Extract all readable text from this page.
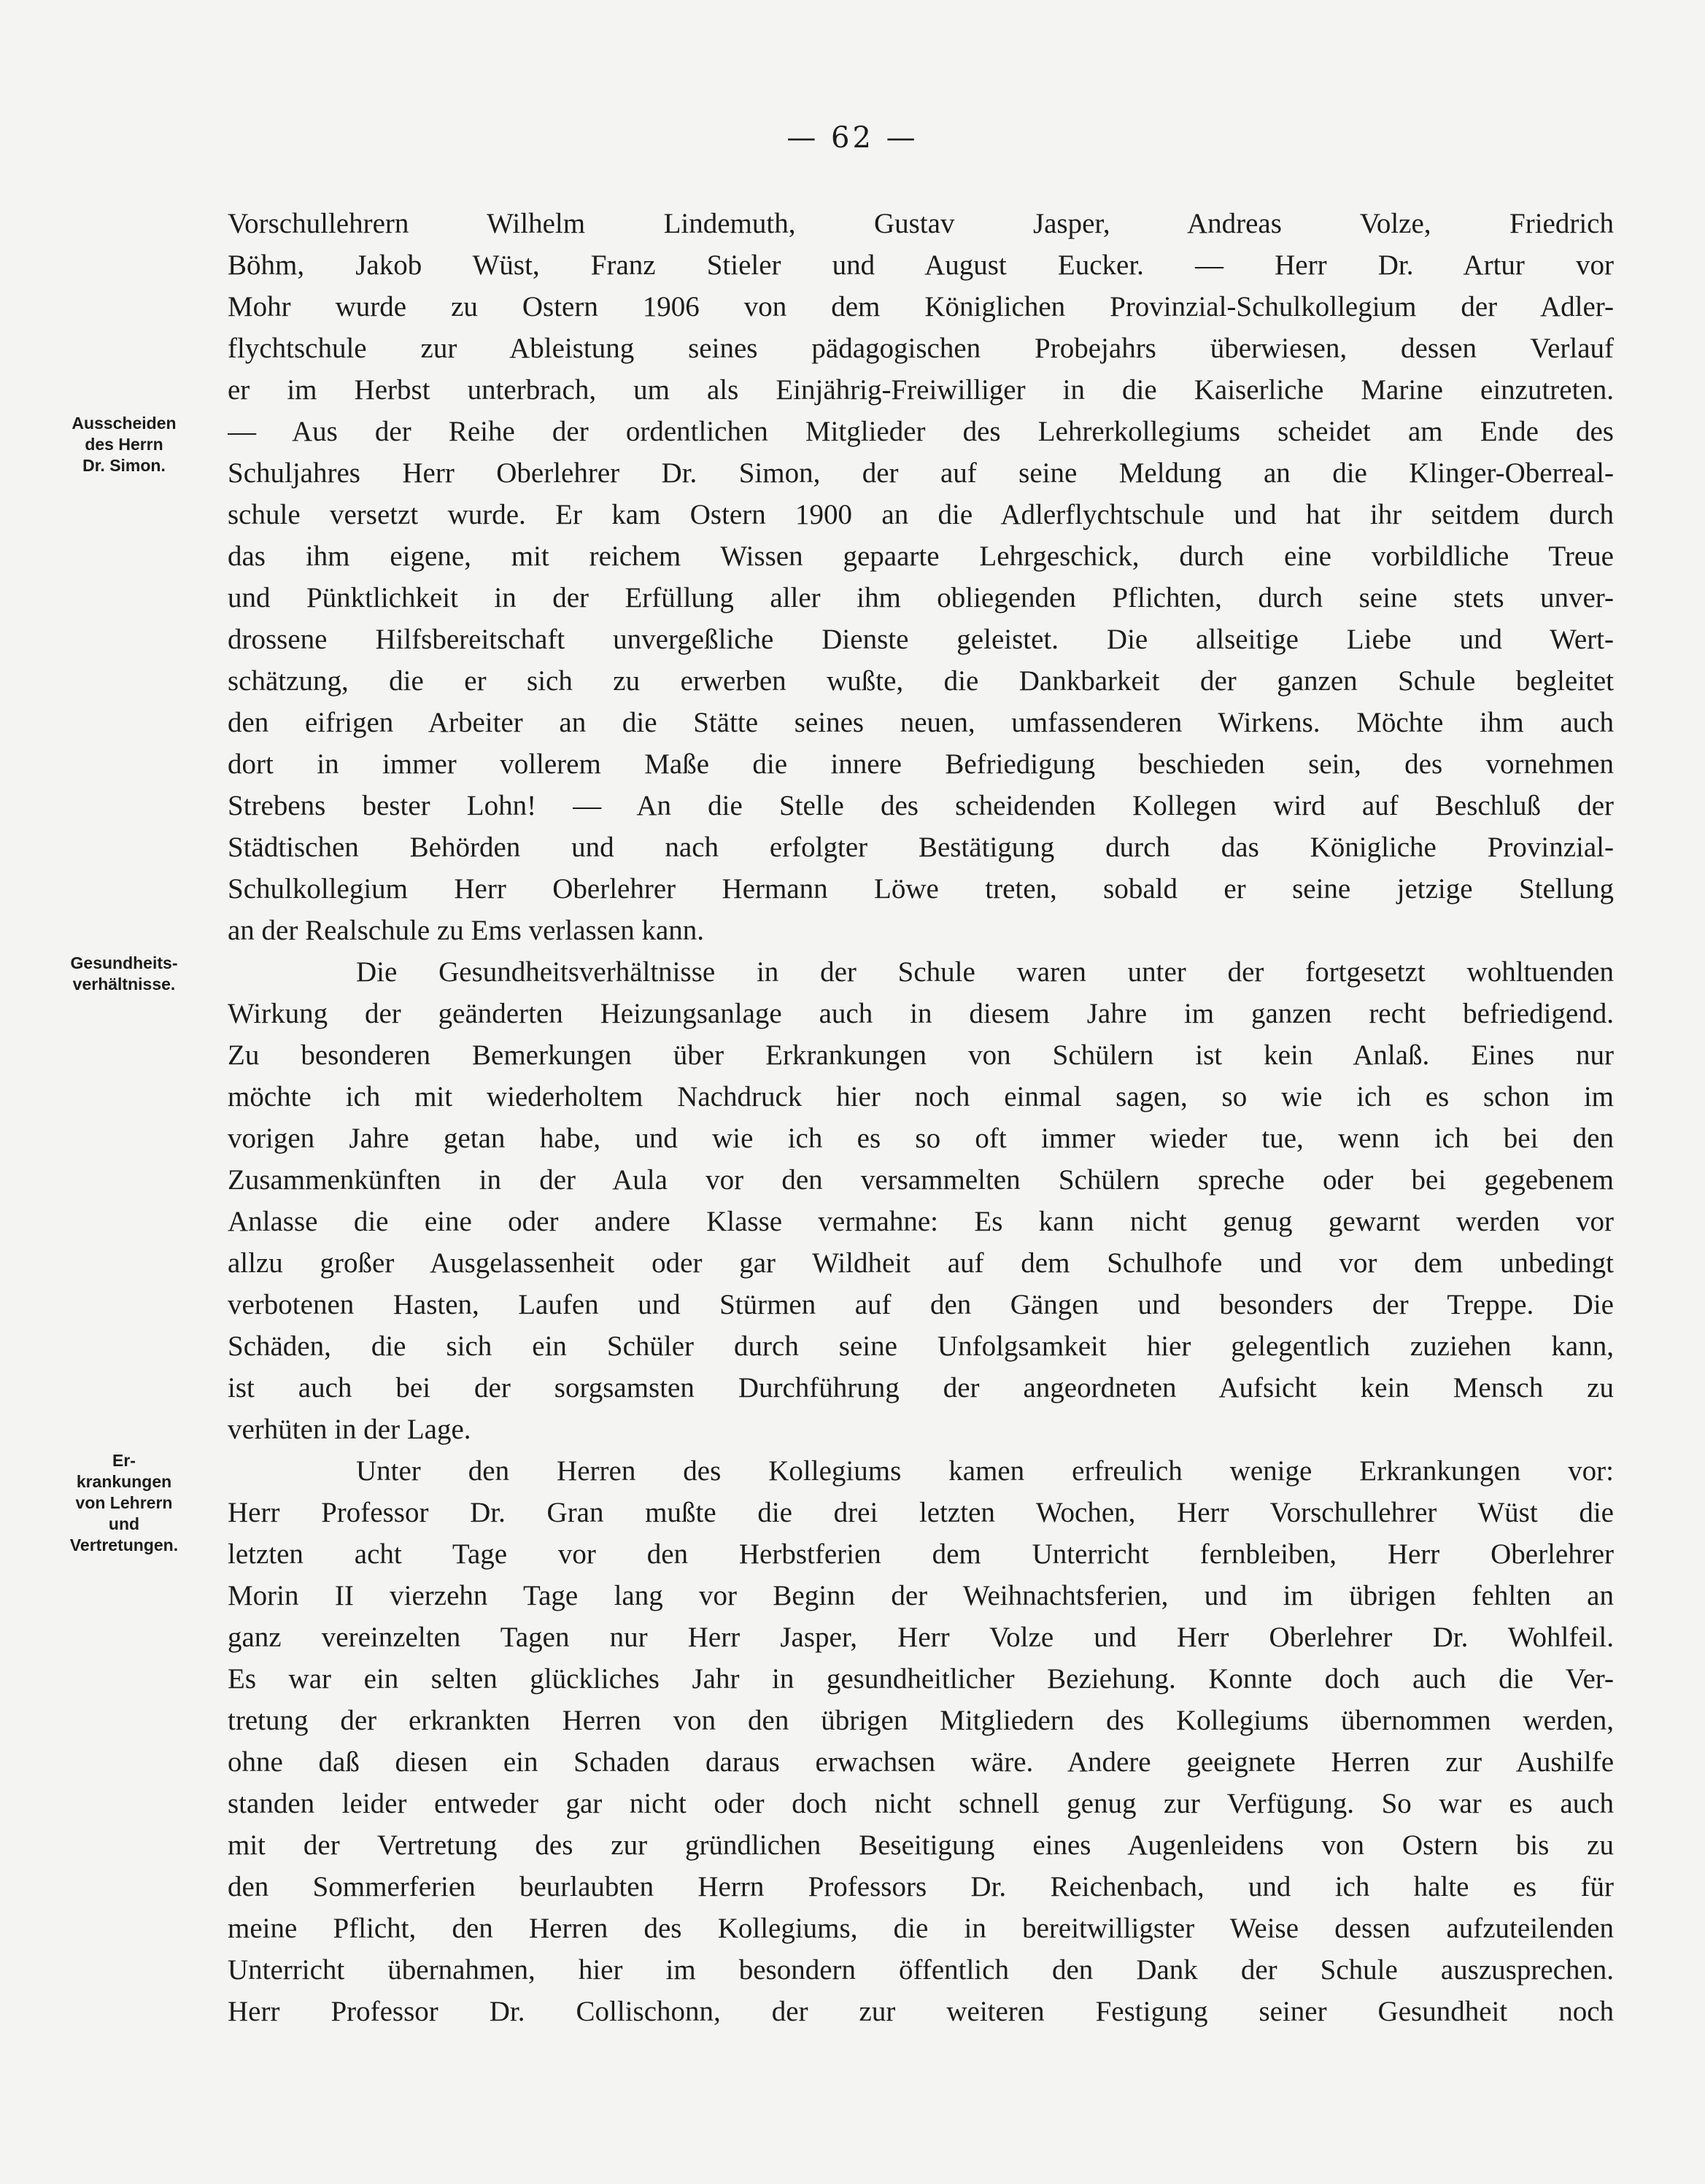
— 62 —
Ausscheiden
des Herrn
Dr. Simon.
Gesundheits-
verhältnisse.
Er-
krankungen
von Lehrern
und
Vertretungen.
Vorschullehrern Wilhelm Lindemuth, Gustav Jasper, Andreas Volze, Friedrich
Böhm, Jakob Wüst, Franz Stieler und August Eucker. — Herr Dr. Artur vor
Mohr wurde zu Ostern 1906 von dem Königlichen Provinzial-Schulkollegium der Adler-
flychtschule zur Ableistung seines pädagogischen Probejahrs überwiesen, dessen Verlauf
er im Herbst unterbrach, um als Einjährig-Freiwilliger in die Kaiserliche Marine einzutreten.
— Aus der Reihe der ordentlichen Mitglieder des Lehrerkollegiums scheidet am Ende des
Schuljahres Herr Oberlehrer Dr. Simon, der auf seine Meldung an die Klinger-Oberreal-
schule versetzt wurde. Er kam Ostern 1900 an die Adlerflychtschule und hat ihr seitdem durch
das ihm eigene, mit reichem Wissen gepaarte Lehrgeschick, durch eine vorbildliche Treue
und Pünktlichkeit in der Erfüllung aller ihm obliegenden Pflichten, durch seine stets unver-
drossene Hilfsbereitschaft unvergeßliche Dienste geleistet. Die allseitige Liebe und Wert-
schätzung, die er sich zu erwerben wußte, die Dankbarkeit der ganzen Schule begleitet
den eifrigen Arbeiter an die Stätte seines neuen, umfassenderen Wirkens. Möchte ihm auch
dort in immer vollerem Maße die innere Befriedigung beschieden sein, des vornehmen
Strebens bester Lohn! — An die Stelle des scheidenden Kollegen wird auf Beschluß der
Städtischen Behörden und nach erfolgter Bestätigung durch das Königliche Provinzial-
Schulkollegium Herr Oberlehrer Hermann Löwe treten, sobald er seine jetzige Stellung
an der Realschule zu Ems verlassen kann.
Die Gesundheitsverhältnisse in der Schule waren unter der fortgesetzt wohltuenden
Wirkung der geänderten Heizungsanlage auch in diesem Jahre im ganzen recht befriedigend.
Zu besonderen Bemerkungen über Erkrankungen von Schülern ist kein Anlaß. Eines nur
möchte ich mit wiederholtem Nachdruck hier noch einmal sagen, so wie ich es schon im
vorigen Jahre getan habe, und wie ich es so oft immer wieder tue, wenn ich bei den
Zusammenkünften in der Aula vor den versammelten Schülern spreche oder bei gegebenem
Anlasse die eine oder andere Klasse vermahne: Es kann nicht genug gewarnt werden vor
allzu großer Ausgelassenheit oder gar Wildheit auf dem Schulhofe und vor dem unbedingt
verbotenen Hasten, Laufen und Stürmen auf den Gängen und besonders der Treppe. Die
Schäden, die sich ein Schüler durch seine Unfolgsamkeit hier gelegentlich zuziehen kann,
ist auch bei der sorgsamsten Durchführung der angeordneten Aufsicht kein Mensch zu
verhüten in der Lage.
Unter den Herren des Kollegiums kamen erfreulich wenige Erkrankungen vor:
Herr Professor Dr. Gran mußte die drei letzten Wochen, Herr Vorschullehrer Wüst die
letzten acht Tage vor den Herbstferien dem Unterricht fernbleiben, Herr Oberlehrer
Morin II vierzehn Tage lang vor Beginn der Weihnachtsferien, und im übrigen fehlten an
ganz vereinzelten Tagen nur Herr Jasper, Herr Volze und Herr Oberlehrer Dr. Wohlfeil.
Es war ein selten glückliches Jahr in gesundheitlicher Beziehung. Konnte doch auch die Ver-
tretung der erkrankten Herren von den übrigen Mitgliedern des Kollegiums übernommen werden,
ohne daß diesen ein Schaden daraus erwachsen wäre. Andere geeignete Herren zur Aushilfe
standen leider entweder gar nicht oder doch nicht schnell genug zur Verfügung. So war es auch
mit der Vertretung des zur gründlichen Beseitigung eines Augenleidens von Ostern bis zu
den Sommerferien beurlaubten Herrn Professors Dr. Reichenbach, und ich halte es für
meine Pflicht, den Herren des Kollegiums, die in bereitwilligster Weise dessen aufzuteilenden
Unterricht übernahmen, hier im besondern öffentlich den Dank der Schule auszusprechen.
Herr Professor Dr. Collischonn, der zur weiteren Festigung seiner Gesundheit noch
